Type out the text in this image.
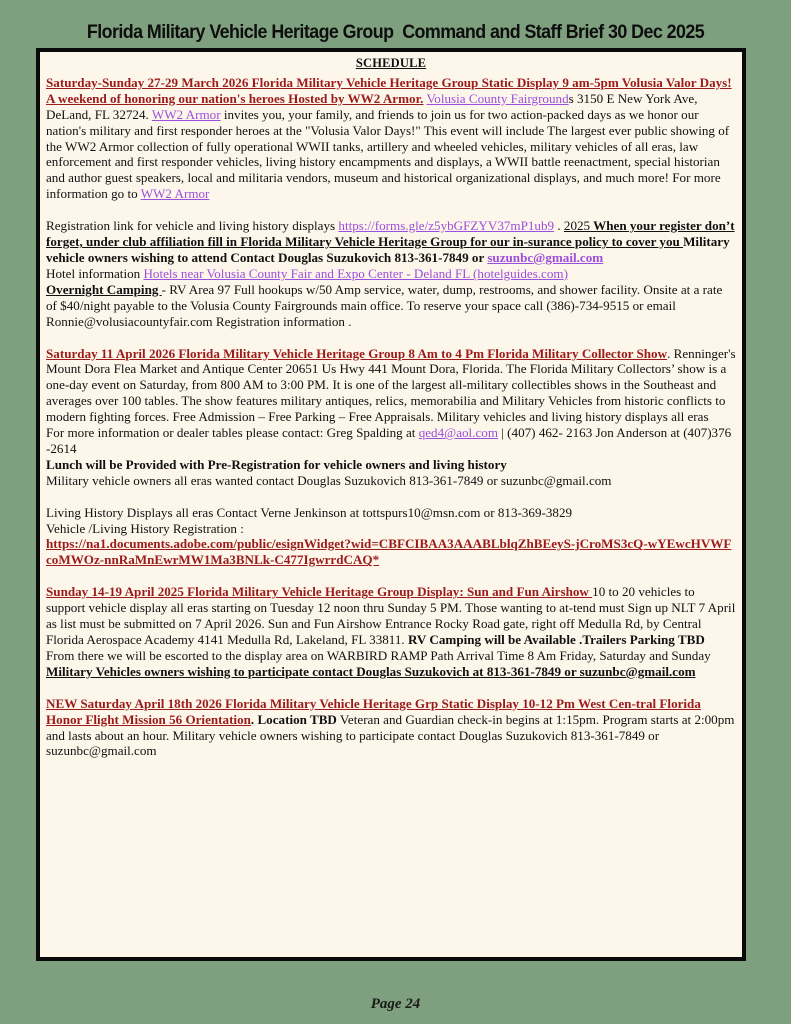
Florida Military Vehicle Heritage Group  Command and Staff Brief 30 Dec 2025
SCHEDULE

Saturday-Sunday 27-29 March 2026 Florida Military Vehicle Heritage Group Static Display 9 am-5pm Volusia Valor Days! A weekend of honoring our nation's heroes Hosted by WW2 Armor. Volusia County Fairgrounds 3150 E New York Ave, DeLand, FL 32724. WW2 Armor invites you, your family, and friends to join us for two action-packed days as we honor our nation's military and first responder heroes at the "Volusia Valor Days!" This event will include The largest ever public showing of the WW2 Armor collection of fully operational WWII tanks, artillery and wheeled vehicles, military vehicles of all eras, law enforcement and first responder vehicles, living history encampments and displays, a WWII battle reenactment, special historian and author guest speakers, local and militaria vendors, museum and historical organizational displays, and much more! For more information go to WW2 Armor

Registration link for vehicle and living history displays https://forms.gle/z5ybGFZYV37mP1ub9 . 2025 When your register don’t forget, under club affiliation fill in Florida Military Vehicle Heritage Group for our in-surance policy to cover you Military vehicle owners wishing to attend Contact Douglas Suzukovich 813-361-7849 or suzunbc@gmail.com

Hotel information Hotels near Volusia County Fair and Expo Center - Deland FL (hotelguides.com)

Overnight Camping - RV Area 97 Full hookups w/50 Amp service, water, dump, restrooms, and shower facility. Onsite at a rate of $40/night payable to the Volusia County Fairgrounds main office. To reserve your space call (386)-734-9515 or email Ronnie@volusiacountyfair.com Registration information .

Saturday 11 April 2026 Florida Military Vehicle Heritage Group 8 Am to 4 Pm Florida Military Collector Show. Renninger's Mount Dora Flea Market and Antique Center 20651 Us Hwy 441 Mount Dora, Florida. The Florida Military Collectors’ show is a one-day event on Saturday, from 800 AM to 3:00 PM. It is one of the largest all-military collectibles shows in the Southeast and averages over 100 tables. The show features military antiques, relics, memorabilia and Military Vehicles from historic conflicts to modern fighting forces. Free Admission – Free Parking – Free Appraisals. Military vehicles and living history displays all eras

For more information or dealer tables please contact: Greg Spalding at qed4@aol.com | (407) 462- 2163 Jon Anderson at (407)376 -2614

Lunch will be Provided with Pre-Registration for vehicle owners and living history

Military vehicle owners all eras wanted contact Douglas Suzukovich 813-361-7849 or suzunbc@gmail.com

Living History Displays all eras Contact Verne Jenkinson at tottspurs10@msn.com or 813-369-3829

Vehicle /Living History Registration :

https://na1.documents.adobe.com/public/esignWidget?wid=CBFCIBAA3AAABLblqZhBEeyS-jCroMS3cQ-wYEwcHVWFcoMWOz-nnRaMnEwrMW1Ma3BNLk-C477IgwrrdCAQ*

Sunday 14-19 April 2025 Florida Military Vehicle Heritage Group Display: Sun and Fun Airshow 10 to 20 vehicles to support vehicle display all eras starting on Tuesday 12 noon thru Sunday 5 PM. Those wanting to at-tend must Sign up NLT 7 April as list must be submitted on 7 April 2026. Sun and Fun Airshow Entrance Rocky Road gate, right off Medulla Rd, by Central Florida Aerospace Academy 4141 Medulla Rd, Lakeland, FL 33811. RV Camping will be Available .Trailers Parking TBD From there we will be escorted to the display area on WARBIRD RAMP Path Arrival Time 8 Am Friday, Saturday and Sunday Military Vehicles owners wishing to participate contact Douglas Suzukovich at 813-361-7849 or suzunbc@gmail.com

NEW Saturday April 18th 2026 Florida Military Vehicle Heritage Grp Static Display 10-12 Pm West Cen-tral Florida Honor Flight Mission 56 Orientation. Location TBD Veteran and Guardian check-in begins at 1:15pm. Program starts at 2:00pm and lasts about an hour. Military vehicle owners wishing to participate contact Douglas Suzukovich 813-361-7849 or suzunbc@gmail.com

Page 24
